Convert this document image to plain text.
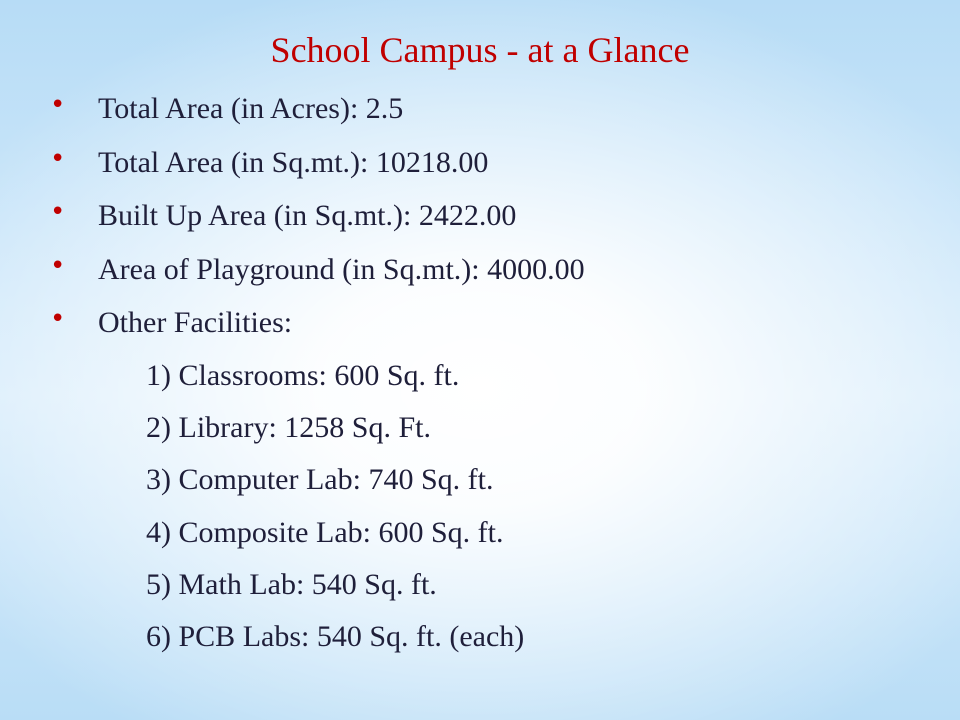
School Campus - at a Glance
• Total Area (in Acres): 2.5
• Total Area (in Sq.mt.): 10218.00
• Built Up Area (in Sq.mt.): 2422.00
• Area of Playground (in Sq.mt.): 4000.00
• Other Facilities:
1) Classrooms: 600 Sq. ft.
2) Library: 1258 Sq. Ft.
3) Computer Lab: 740 Sq. ft.
4) Composite Lab: 600 Sq. ft.
5) Math Lab: 540 Sq. ft.
6) PCB Labs: 540 Sq. ft. (each)
